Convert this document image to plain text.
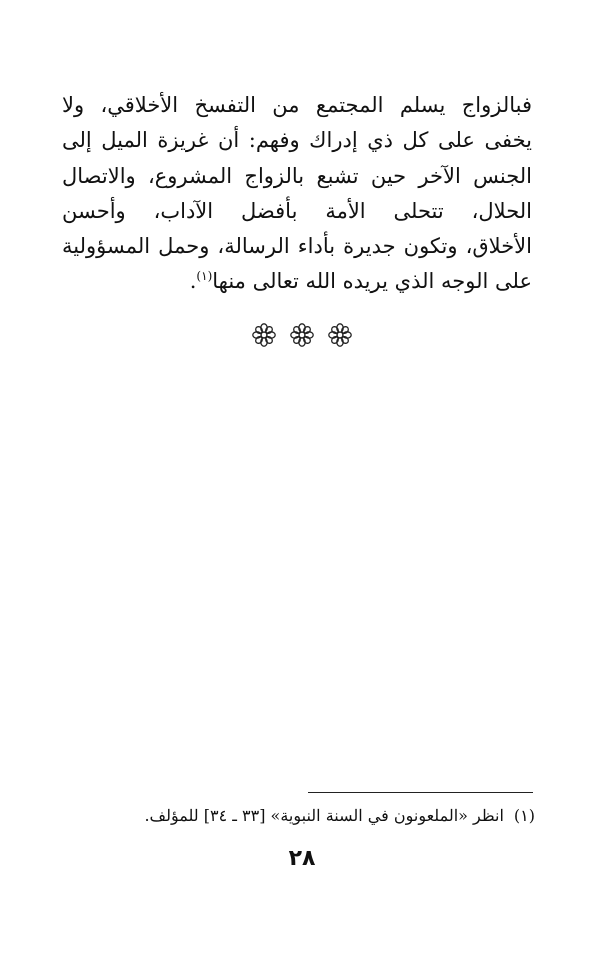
فبالزواج يسلم المجتمع من التفسخ الأخلاقي، ولا
يخفى على كل ذي إدراك وفهم: أن غريزة الميل إلى
الجنس الآخر حين تشبع بالزواج المشروع، والاتصال
الحلال، تتحلى الأمة بأفضل الآداب، وأحسن
الأخلاق، وتكون جديرة بأداء الرسالة، وحمل المسؤولية
على الوجه الذي يريده الله تعالى منها$^{(١)}$.

(١)انظر «الملعونون في السنة النبوية» [٣٣ ـ ٣٤] للمؤلف.

٢٨
